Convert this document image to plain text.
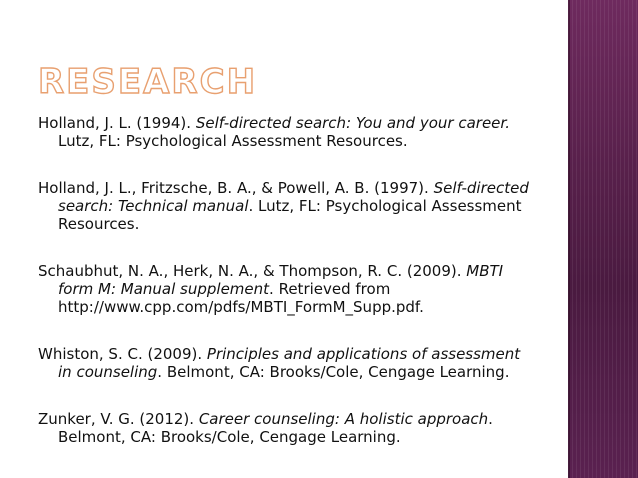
RESEARCH

Holland, J. L. (1994). Self-directed search: You and your career. Lutz, FL: Psychological Assessment Resources.

Holland, J. L., Fritzsche, B. A., & Powell, A. B. (1997). Self-directed search: Technical manual. Lutz, FL: Psychological Assessment Resources.

Schaubhut, N. A., Herk, N. A., & Thompson, R. C. (2009). MBTI form M: Manual supplement. Retrieved from http://www.cpp.com/pdfs/MBTI_FormM_Supp.pdf.

Whiston, S. C. (2009). Principles and applications of assessment in counseling. Belmont, CA: Brooks/Cole, Cengage Learning.

Zunker, V. G. (2012). Career counseling: A holistic approach. Belmont, CA: Brooks/Cole, Cengage Learning.
